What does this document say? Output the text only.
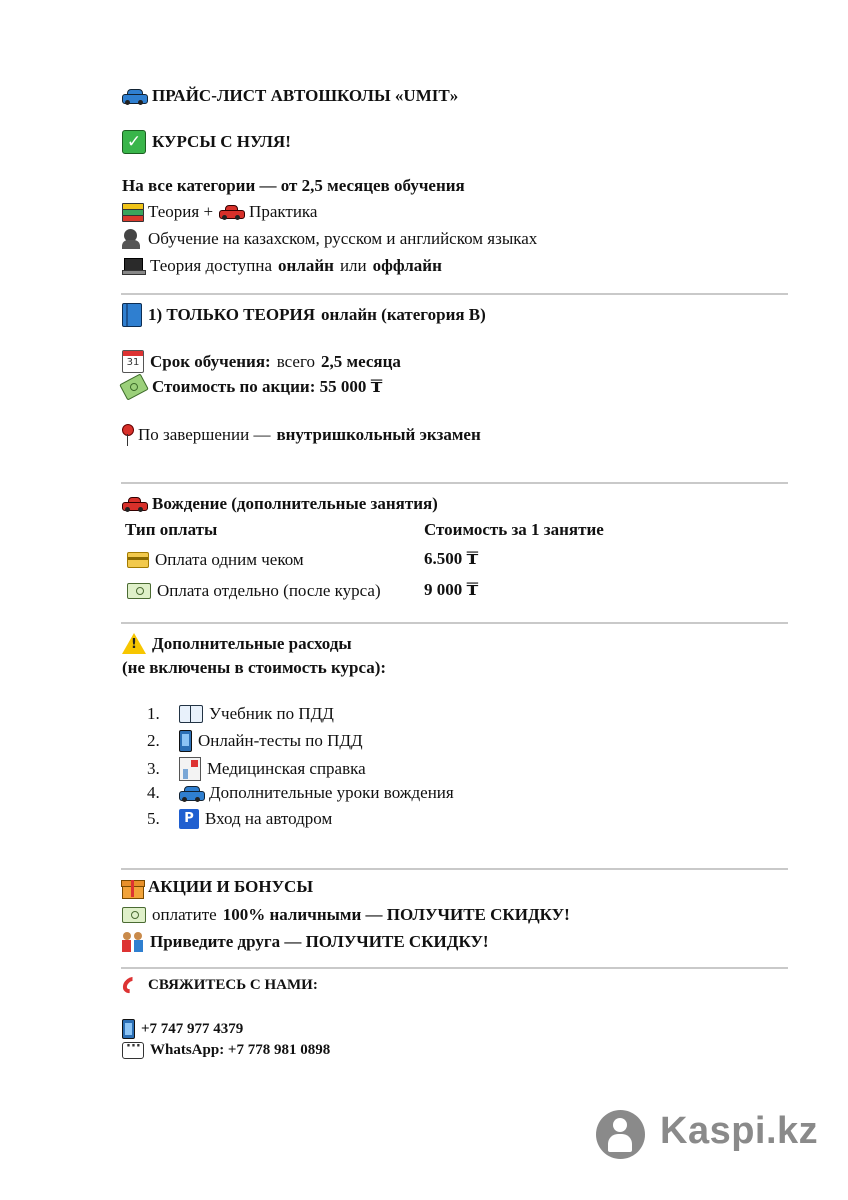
ПРАЙС-ЛИСТ АВТОШКОЛЫ «UMIT»
✓ КУРСЫ С НУЛЯ!
На все категории — от 2,5 месяцев обучения
Теория + Практика
Обучение на казахском, русском и английском языках
Теория доступна онлайн или оффлайн
1) ТОЛЬКО ТЕОРИЯ онлайн (категория B)
31 Срок обучения: всего 2,5 месяца
Стоимость по акции: 55 000 ₸
По завершении — внутришкольный экзамен
Вождение (дополнительные занятия)
Тип оплаты	Стоимость за 1 занятие
Оплата одним чеком	6.500 ₸
Оплата отдельно (после курса)	9 000 ₸
!
Дополнительные расходы
(не включены в стоимость курса):
1.	Учебник по ПДД
2.	Онлайн-тесты по ПДД
3.	Медицинская справка
4.	Дополнительные уроки вождения
5.	P Вход на автодром
АКЦИИ И БОНУСЫ
оплатите 100% наличными — ПОЛУЧИТЕ СКИДКУ!
Приведите друга — ПОЛУЧИТЕ СКИДКУ!
СВЯЖИТЕСЬ С НАМИ:
+7 747 977 4379
···
WhatsApp: +7 778 981 0898
Kaspi.kz
